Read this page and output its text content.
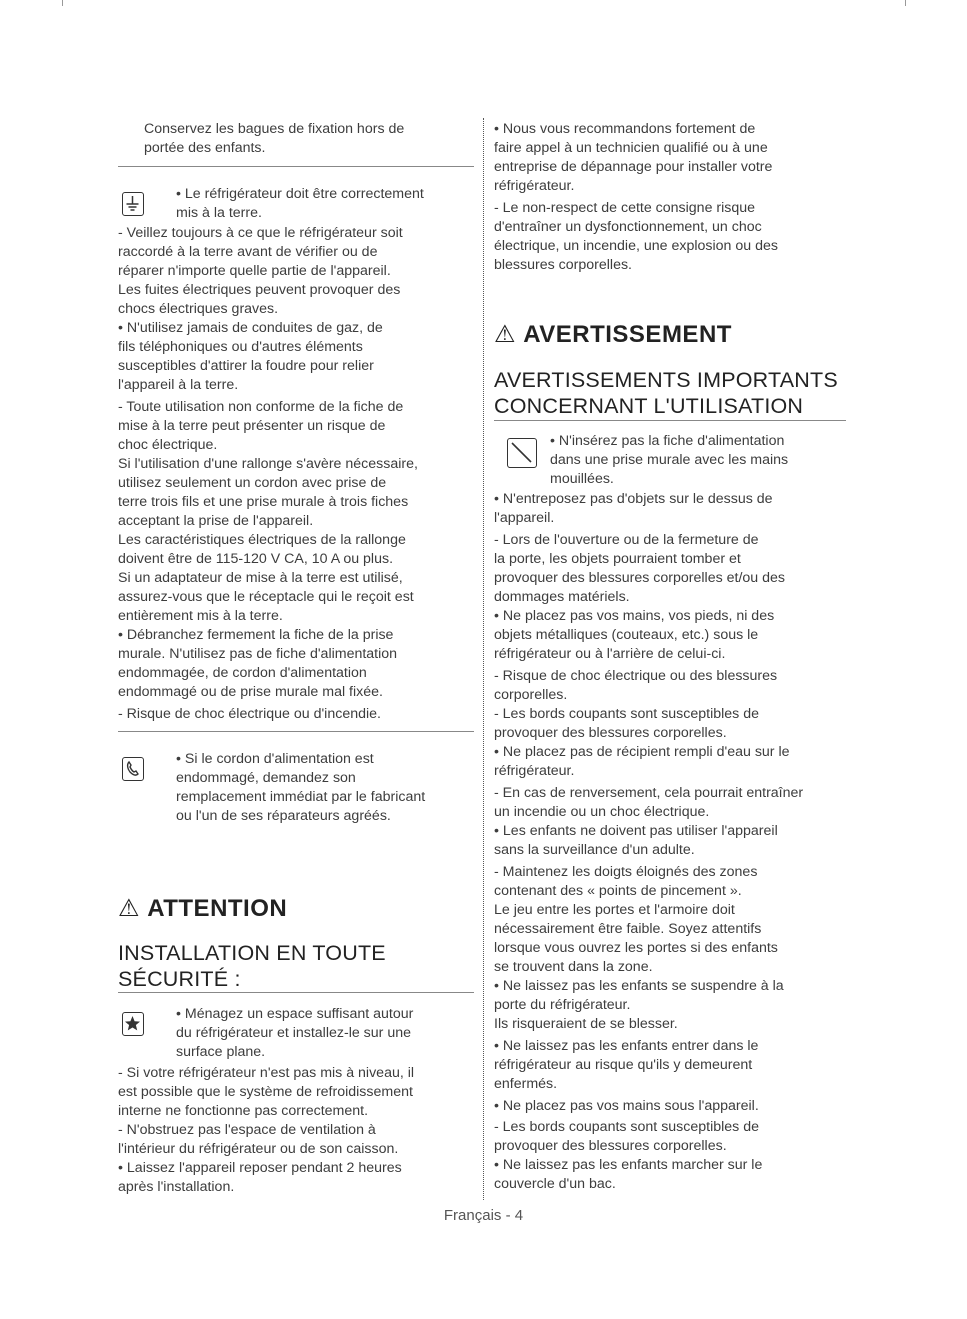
Conservez les bagues de fixation hors de
portée des enfants.
• Le réfrigérateur doit être correctement
mis à la terre.
- Veillez toujours à ce que le réfrigérateur soit
raccordé à la terre avant de vérifier ou de
réparer n'importe quelle partie de l'appareil.
Les fuites électriques peuvent provoquer des
chocs électriques graves.
• N'utilisez jamais de conduites de gaz, de
fils téléphoniques ou d'autres éléments
susceptibles d'attirer la foudre pour relier
l'appareil à la terre.
- Toute utilisation non conforme de la fiche de
mise à la terre peut présenter un risque de
choc électrique.
Si l'utilisation d'une rallonge s'avère nécessaire,
utilisez seulement un cordon avec prise de
terre trois fils et une prise murale à trois fiches
acceptant la prise de l'appareil.
Les caractéristiques électriques de la rallonge
doivent être de 115-120 V CA, 10 A ou plus.
Si un adaptateur de mise à la terre est utilisé,
assurez-vous que le réceptacle qui le reçoit est
entièrement mis à la terre.
• Débranchez fermement la fiche de la prise
murale. N'utilisez pas de fiche d'alimentation
endommagée, de cordon d'alimentation
endommagé ou de prise murale mal fixée.
- Risque de choc électrique ou d'incendie.
• Si le cordon d'alimentation est
endommagé, demandez son
remplacement immédiat par le fabricant
ou l'un de ses réparateurs agréés.
⚠ ATTENTION
INSTALLATION EN TOUTE
SÉCURITÉ :
• Ménagez un espace suffisant autour
du réfrigérateur et installez-le sur une
surface plane.
- Si votre réfrigérateur n'est pas mis à niveau, il
est possible que le système de refroidissement
interne ne fonctionne pas correctement.
- N'obstruez pas l'espace de ventilation à
l'intérieur du réfrigérateur ou de son caisson.
• Laissez l'appareil reposer pendant 2 heures
après l'installation.
• Nous vous recommandons fortement de
faire appel à un technicien qualifié ou à une
entreprise de dépannage pour installer votre
réfrigérateur.
- Le non-respect de cette consigne risque
d'entraîner un dysfonctionnement, un choc
électrique, un incendie, une explosion ou des
blessures corporelles.
⚠ AVERTISSEMENT
AVERTISSEMENTS IMPORTANTS
CONCERNANT L'UTILISATION
• N'insérez pas la fiche d'alimentation
dans une prise murale avec les mains
mouillées.
• N'entreposez pas d'objets sur le dessus de
l'appareil.
- Lors de l'ouverture ou de la fermeture de
la porte, les objets pourraient tomber et
provoquer des blessures corporelles et/ou des
dommages matériels.
• Ne placez pas vos mains, vos pieds, ni des
objets métalliques (couteaux, etc.) sous le
réfrigérateur ou à l'arrière de celui-ci.
- Risque de choc électrique ou des blessures
corporelles.
- Les bords coupants sont susceptibles de
provoquer des blessures corporelles.
• Ne placez pas de récipient rempli d'eau sur le
réfrigérateur.
- En cas de renversement, cela pourrait entraîner
un incendie ou un choc électrique.
• Les enfants ne doivent pas utiliser l'appareil
sans la surveillance d'un adulte.
- Maintenez les doigts éloignés des zones
contenant des « points de pincement ».
Le jeu entre les portes et l'armoire doit
nécessairement être faible. Soyez attentifs
lorsque vous ouvrez les portes si des enfants
se trouvent dans la zone.
• Ne laissez pas les enfants se suspendre à la
porte du réfrigérateur.
Ils risqueraient de se blesser.
• Ne laissez pas les enfants entrer dans le
réfrigérateur au risque qu'ils y demeurent
enfermés.
• Ne placez pas vos mains sous l'appareil.
- Les bords coupants sont susceptibles de
provoquer des blessures corporelles.
• Ne laissez pas les enfants marcher sur le
couvercle d'un bac.
Français - 4
